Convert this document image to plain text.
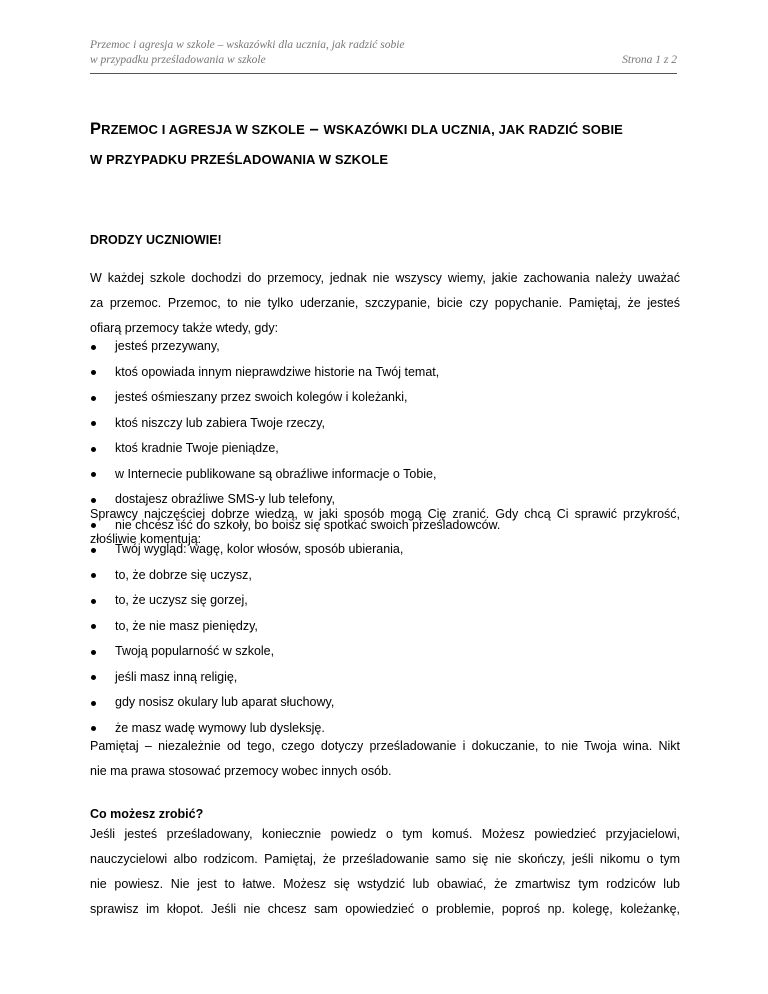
Przemoc i agresja w szkole – wskazówki dla ucznia, jak radzić sobie
w przypadku prześladowania w szkole	Strona 1 z 2
PRZEMOC I AGRESJA W SZKOLE – WSKAZÓWKI DLA UCZNIA, JAK RADZIĆ SOBIE
W PRZYPADKU PRZEŚLADOWANIA W SZKOLE
DRODZY UCZNIOWIE!
W każdej szkole dochodzi do przemocy, jednak nie wszyscy wiemy, jakie zachowania należy uważać
za przemoc. Przemoc, to nie tylko uderzanie, szczypanie, bicie czy popychanie. Pamiętaj, że jesteś
ofiarą przemocy także wtedy, gdy:
jesteś przezywany,
ktoś opowiada innym nieprawdziwe historie na Twój temat,
jesteś ośmieszany przez swoich kolegów i koleżanki,
ktoś niszczy lub zabiera Twoje rzeczy,
ktoś kradnie Twoje pieniądze,
w Internecie publikowane są obraźliwe informacje o Tobie,
dostajesz obraźliwe SMS-y lub telefony,
nie chcesz iść do szkoły, bo boisz się spotkać swoich prześladowców.
Sprawcy najczęściej dobrze wiedzą, w jaki sposób mogą Cię zranić. Gdy chcą Ci sprawić przykrość,
złośliwie komentują:
Twój wygląd: wagę, kolor włosów, sposób ubierania,
to, że dobrze się uczysz,
to, że uczysz się gorzej,
to, że nie masz pieniędzy,
Twoją popularność w szkole,
jeśli masz inną religię,
gdy nosisz okulary lub aparat słuchowy,
że masz wadę wymowy lub dysleksję.
Pamiętaj – niezależnie od tego, czego dotyczy prześladowanie i dokuczanie, to nie Twoja wina. Nikt
nie ma prawa stosować przemocy wobec innych osób.
Co możesz zrobić?
Jeśli jesteś prześladowany, koniecznie powiedz o tym komuś. Możesz powiedzieć przyjacielowi,
nauczycielowi albo rodzicom. Pamiętaj, że prześladowanie samo się nie skończy, jeśli nikomu o tym
nie powiesz. Nie jest to łatwe. Możesz się wstydzić lub obawiać, że zmartwisz tym rodziców lub
sprawisz im kłopot. Jeśli nie chcesz sam opowiedzieć o problemie, poproś np. kolegę, koleżankę,
